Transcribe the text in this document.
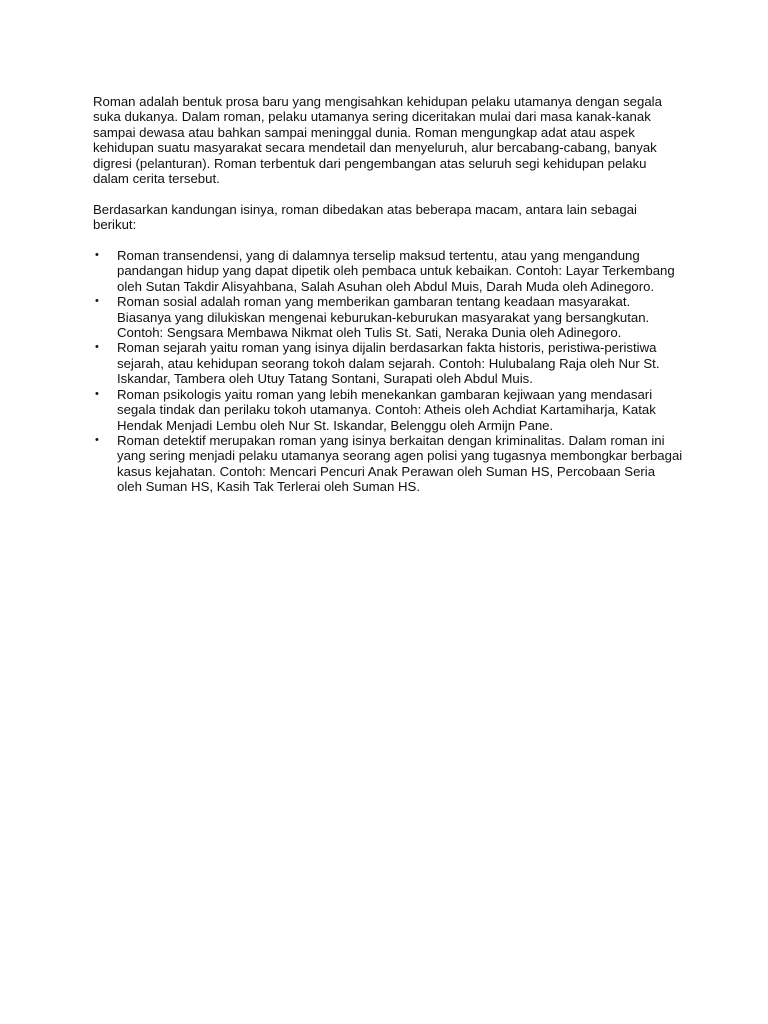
Roman adalah bentuk prosa baru yang mengisahkan kehidupan pelaku utamanya dengan segala suka dukanya. Dalam roman, pelaku utamanya sering diceritakan mulai dari masa kanak-kanak sampai dewasa atau bahkan sampai meninggal dunia. Roman mengungkap adat atau aspek kehidupan suatu masyarakat secara mendetail dan menyeluruh, alur bercabang-cabang, banyak digresi (pelanturan). Roman terbentuk dari pengembangan atas seluruh segi kehidupan pelaku dalam cerita tersebut.

Berdasarkan kandungan isinya, roman dibedakan atas beberapa macam, antara lain sebagai berikut:

• Roman transendensi, yang di dalamnya terselip maksud tertentu, atau yang mengandung pandangan hidup yang dapat dipetik oleh pembaca untuk kebaikan. Contoh: Layar Terkembang oleh Sutan Takdir Alisyahbana, Salah Asuhan oleh Abdul Muis, Darah Muda oleh Adinegoro.
• Roman sosial adalah roman yang memberikan gambaran tentang keadaan masyarakat. Biasanya yang dilukiskan mengenai keburukan-keburukan masyarakat yang bersangkutan. Contoh: Sengsara Membawa Nikmat oleh Tulis St. Sati, Neraka Dunia oleh Adinegoro.
• Roman sejarah yaitu roman yang isinya dijalin berdasarkan fakta historis, peristiwa-peristiwa sejarah, atau kehidupan seorang tokoh dalam sejarah. Contoh: Hulubalang Raja oleh Nur St. Iskandar, Tambera oleh Utuy Tatang Sontani, Surapati oleh Abdul Muis.
• Roman psikologis yaitu roman yang lebih menekankan gambaran kejiwaan yang mendasari segala tindak dan perilaku tokoh utamanya. Contoh: Atheis oleh Achdiat Kartamiharja, Katak Hendak Menjadi Lembu oleh Nur St. Iskandar, Belenggu oleh Armijn Pane.
• Roman detektif merupakan roman yang isinya berkaitan dengan kriminalitas. Dalam roman ini yang sering menjadi pelaku utamanya seorang agen polisi yang tugasnya membongkar berbagai kasus kejahatan. Contoh: Mencari Pencuri Anak Perawan oleh Suman HS, Percobaan Seria oleh Suman HS, Kasih Tak Terlerai oleh Suman HS.
